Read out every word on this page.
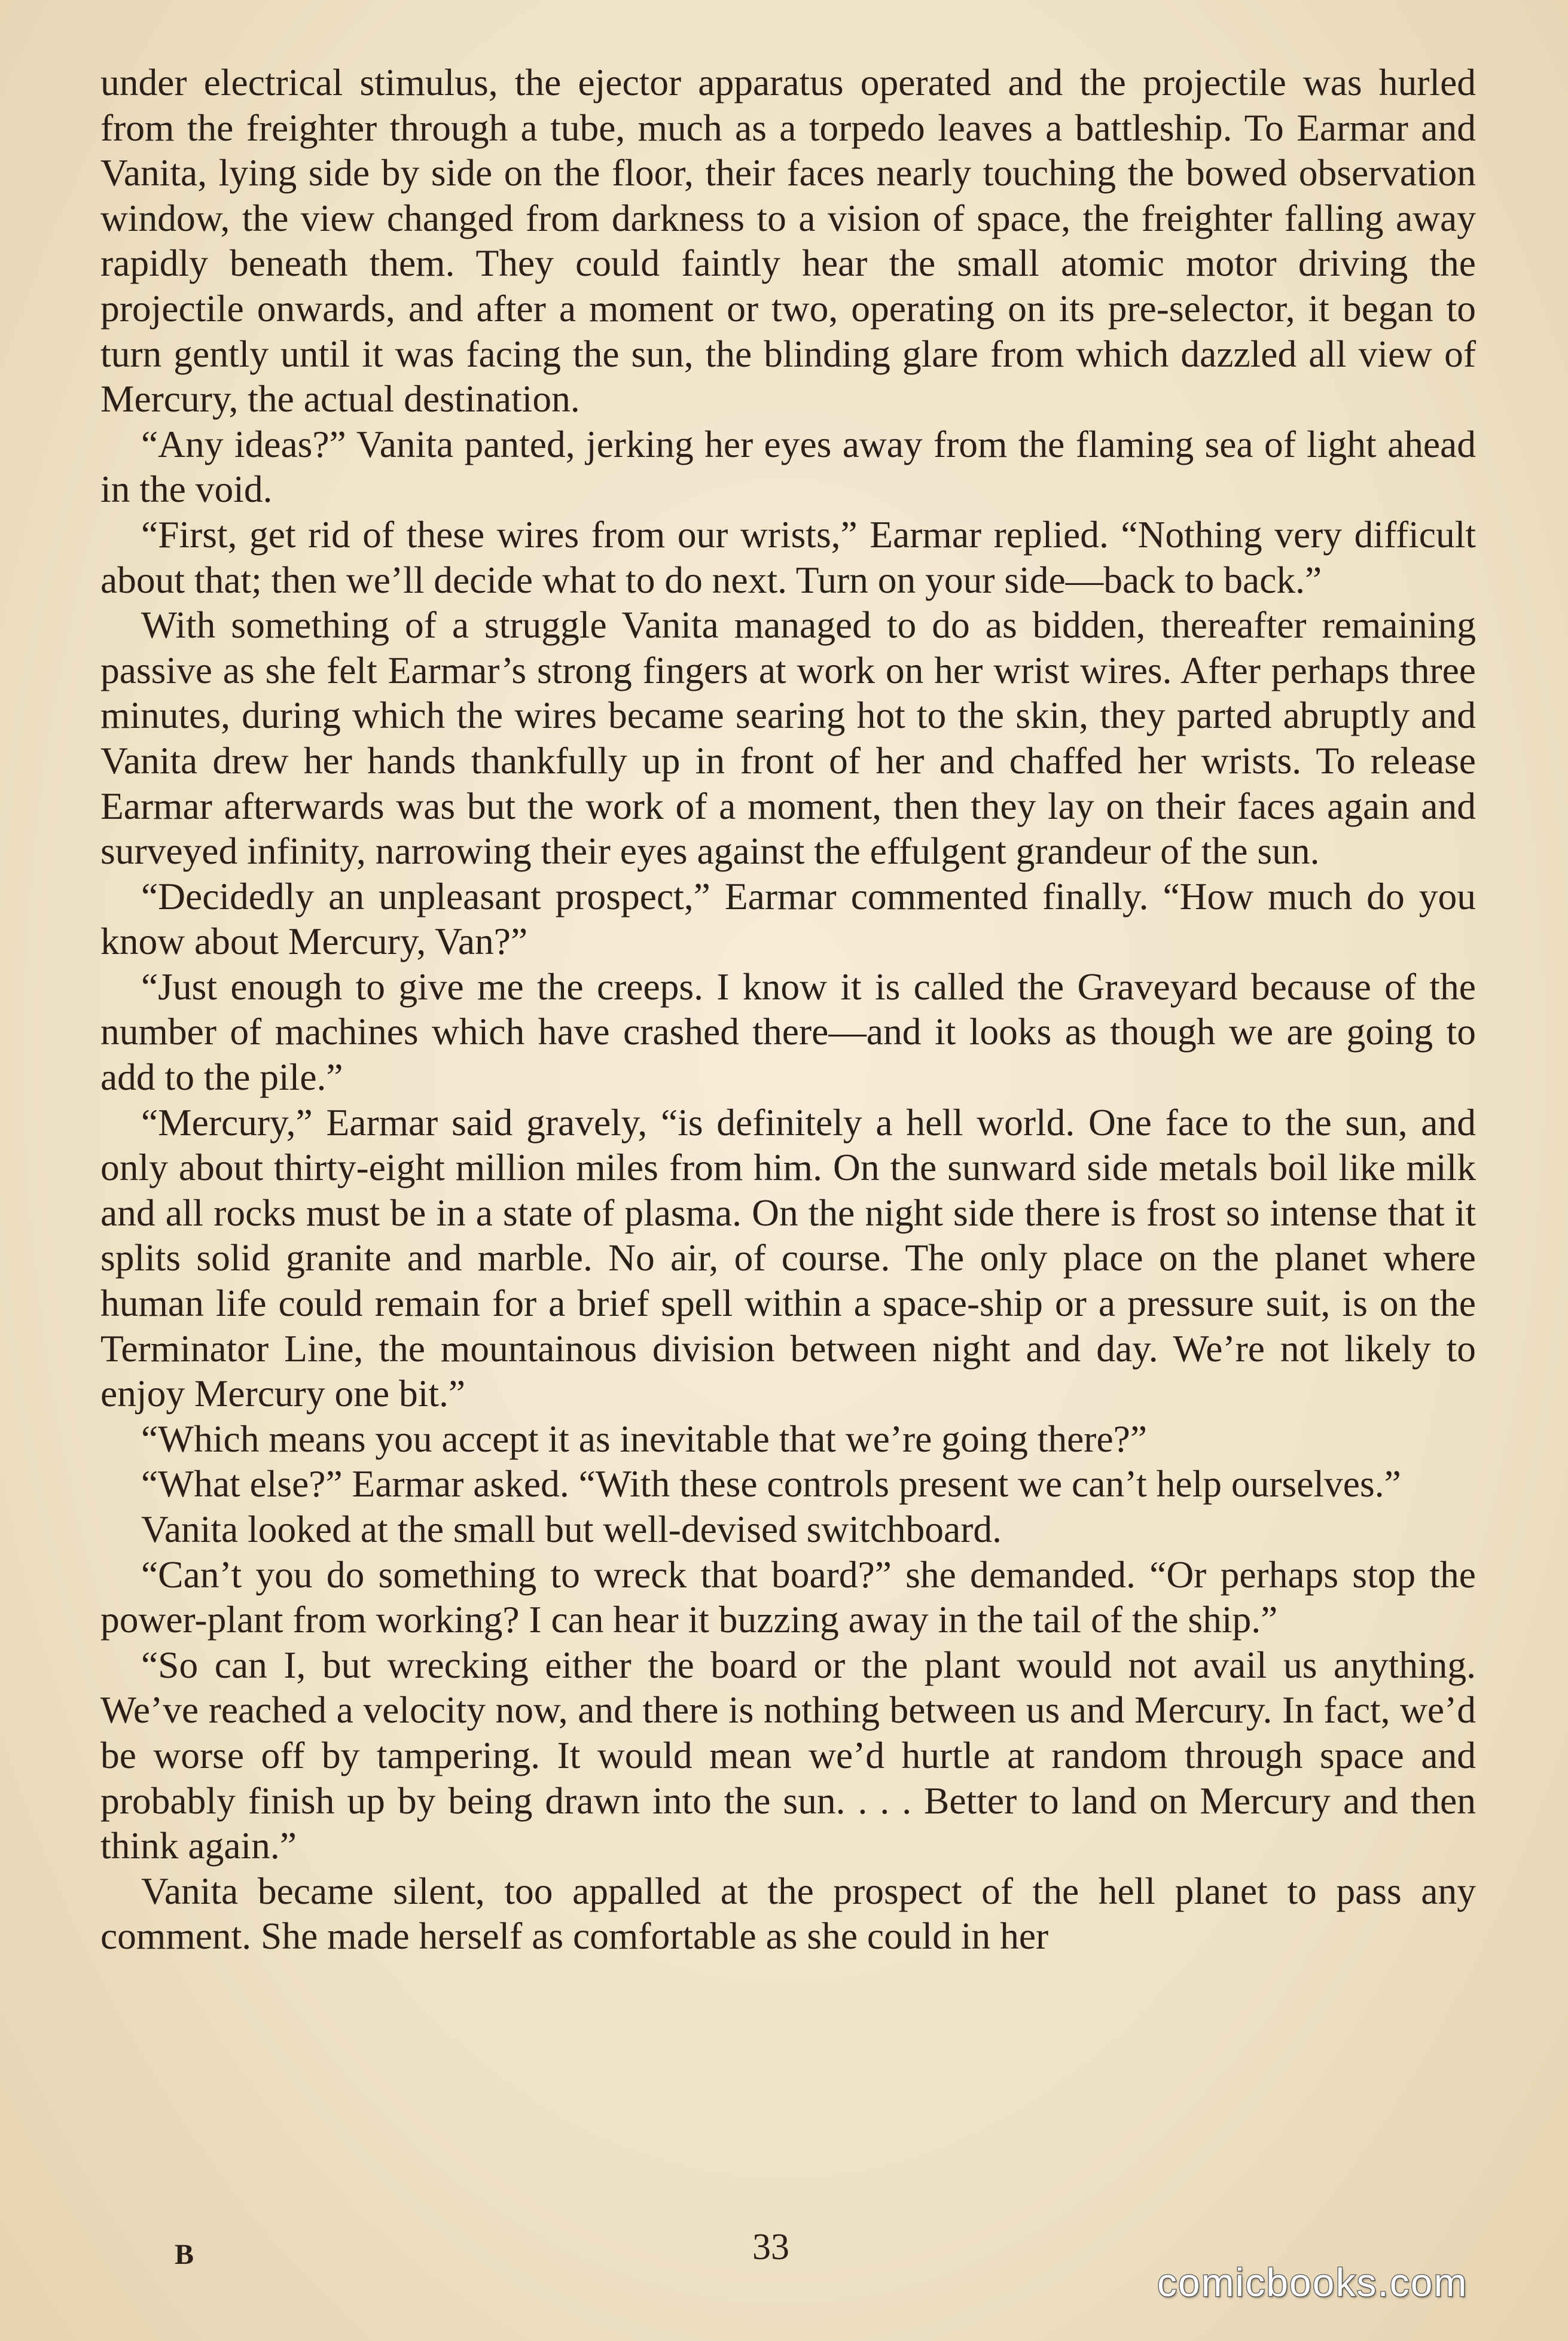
under electrical stimulus, the ejector apparatus operated and the projectile was hurled from the freighter through a tube, much as a torpedo leaves a battleship. To Earmar and Vanita, lying side by side on the floor, their faces nearly touching the bowed observation window, the view changed from darkness to a vision of space, the freighter falling away rapidly beneath them. They could faintly hear the small atomic motor driving the projectile onwards, and after a moment or two, operating on its pre-selector, it began to turn gently until it was facing the sun, the blinding glare from which dazzled all view of Mercury, the actual destination.

“Any ideas?” Vanita panted, jerking her eyes away from the flaming sea of light ahead in the void.

“First, get rid of these wires from our wrists,” Earmar replied. “Nothing very difficult about that; then we’ll decide what to do next. Turn on your side—back to back.”

With something of a struggle Vanita managed to do as bidden, thereafter remaining passive as she felt Earmar’s strong fingers at work on her wrist wires. After perhaps three minutes, during which the wires became searing hot to the skin, they parted abruptly and Vanita drew her hands thankfully up in front of her and chaffed her wrists. To release Earmar afterwards was but the work of a moment, then they lay on their faces again and surveyed infinity, narrowing their eyes against the effulgent grandeur of the sun.

“Decidedly an unpleasant prospect,” Earmar commented finally. “How much do you know about Mercury, Van?”

“Just enough to give me the creeps. I know it is called the Graveyard because of the number of machines which have crashed there—and it looks as though we are going to add to the pile.”

“Mercury,” Earmar said gravely, “is definitely a hell world. One face to the sun, and only about thirty-eight million miles from him. On the sunward side metals boil like milk and all rocks must be in a state of plasma. On the night side there is frost so intense that it splits solid granite and marble. No air, of course. The only place on the planet where human life could remain for a brief spell within a space-ship or a pressure suit, is on the Terminator Line, the mountainous division between night and day. We’re not likely to enjoy Mercury one bit.”

“Which means you accept it as inevitable that we’re going there?”

“What else?” Earmar asked. “With these controls present we can’t help ourselves.”

Vanita looked at the small but well-devised switchboard.

“Can’t you do something to wreck that board?” she demanded. “Or perhaps stop the power-plant from working? I can hear it buzzing away in the tail of the ship.”

“So can I, but wrecking either the board or the plant would not avail us anything. We’ve reached a velocity now, and there is nothing between us and Mercury. In fact, we’d be worse off by tampering. It would mean we’d hurtle at random through space and probably finish up by being drawn into the sun. . . . Better to land on Mercury and then think again.”

Vanita became silent, too appalled at the prospect of the hell planet to pass any comment. She made herself as comfortable as she could in her

B	33
comicbooks.com
